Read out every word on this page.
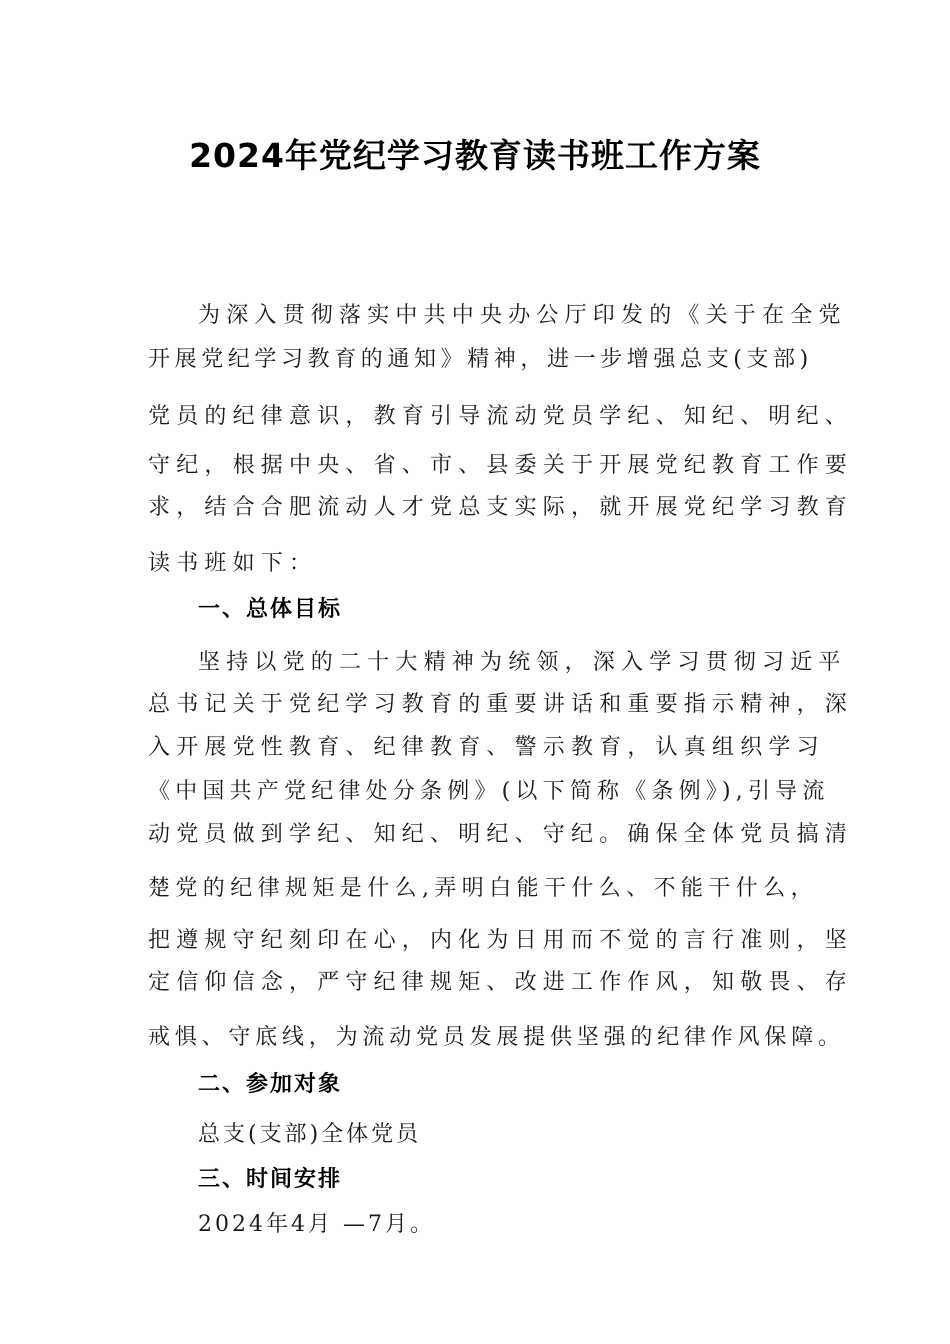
2024年党纪学习教育读书班工作方案
为深入贯彻落实中共中央办公厅印发的《关于在全党
开展党纪学习教育的通知》精神，进一步增强总支(支部)
党员的纪律意识，教育引导流动党员学纪、知纪、明纪、
守纪，根据中央、省、市、县委关于开展党纪教育工作要
求，结合合肥流动人才党总支实际，就开展党纪学习教育
读书班如下：
一、总体目标
坚持以党的二十大精神为统领，深入学习贯彻习近平
总书记关于党纪学习教育的重要讲话和重要指示精神，深
入开展党性教育、纪律教育、警示教育，认真组织学习
《中国共产党纪律处分条例》(以下简称《条例》),引导流
动党员做到学纪、知纪、明纪、守纪。确保全体党员搞清
楚党的纪律规矩是什么,弄明白能干什么、不能干什么，
把遵规守纪刻印在心，内化为日用而不觉的言行准则，坚
定信仰信念，严守纪律规矩、改进工作作风，知敬畏、存
戒惧、守底线，为流动党员发展提供坚强的纪律作风保障。
二、参加对象
总支(支部)全体党员
三、时间安排
2024年4月 —7月。
